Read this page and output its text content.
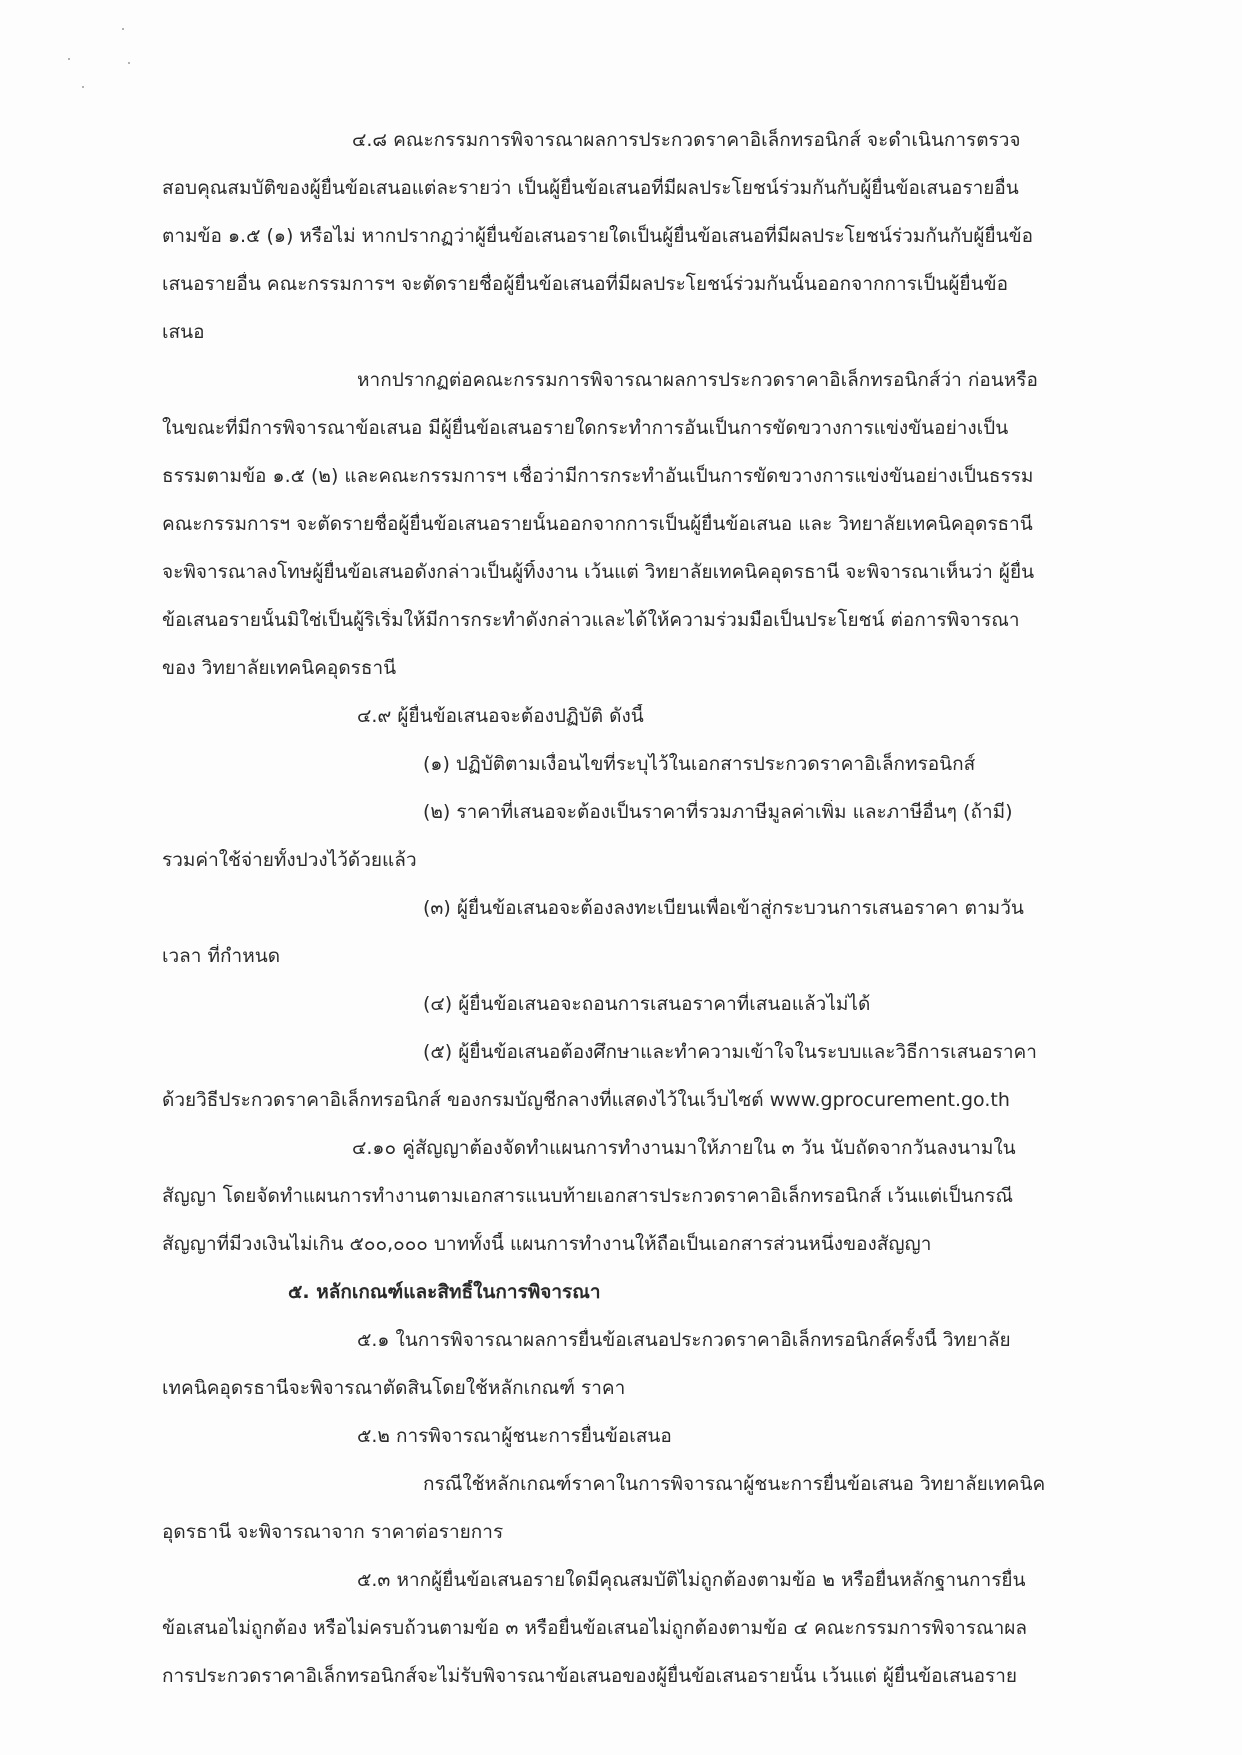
๔.๘ คณะกรรมการพิจารณาผลการประกวดราคาอิเล็กทรอนิกส์ จะดำเนินการตรวจ
สอบคุณสมบัติของผู้ยื่นข้อเสนอแต่ละรายว่า เป็นผู้ยื่นข้อเสนอที่มีผลประโยชน์ร่วมกันกับผู้ยื่นข้อเสนอรายอื่น
ตามข้อ ๑.๕ (๑) หรือไม่ หากปรากฏว่าผู้ยื่นข้อเสนอรายใดเป็นผู้ยื่นข้อเสนอที่มีผลประโยชน์ร่วมกันกับผู้ยื่นข้อ
เสนอรายอื่น คณะกรรมการฯ จะตัดรายชื่อผู้ยื่นข้อเสนอที่มีผลประโยชน์ร่วมกันนั้นออกจากการเป็นผู้ยื่นข้อ
เสนอ
หากปรากฏต่อคณะกรรมการพิจารณาผลการประกวดราคาอิเล็กทรอนิกส์ว่า ก่อนหรือ
ในขณะที่มีการพิจารณาข้อเสนอ มีผู้ยื่นข้อเสนอรายใดกระทำการอันเป็นการขัดขวางการแข่งขันอย่างเป็น
ธรรมตามข้อ ๑.๕ (๒) และคณะกรรมการฯ เชื่อว่ามีการกระทำอันเป็นการขัดขวางการแข่งขันอย่างเป็นธรรม
คณะกรรมการฯ จะตัดรายชื่อผู้ยื่นข้อเสนอรายนั้นออกจากการเป็นผู้ยื่นข้อเสนอ และ วิทยาลัยเทคนิคอุดรธานี
จะพิจารณาลงโทษผู้ยื่นข้อเสนอดังกล่าวเป็นผู้ทิ้งงาน เว้นแต่ วิทยาลัยเทคนิคอุดรธานี จะพิจารณาเห็นว่า ผู้ยื่น
ข้อเสนอรายนั้นมิใช่เป็นผู้ริเริ่มให้มีการกระทำดังกล่าวและได้ให้ความร่วมมือเป็นประโยชน์ ต่อการพิจารณา
ของ วิทยาลัยเทคนิคอุดรธานี
๔.๙ ผู้ยื่นข้อเสนอจะต้องปฏิบัติ ดังนี้
(๑) ปฏิบัติตามเงื่อนไขที่ระบุไว้ในเอกสารประกวดราคาอิเล็กทรอนิกส์
(๒) ราคาที่เสนอจะต้องเป็นราคาที่รวมภาษีมูลค่าเพิ่ม และภาษีอื่นๆ (ถ้ามี)
รวมค่าใช้จ่ายทั้งปวงไว้ด้วยแล้ว
(๓) ผู้ยื่นข้อเสนอจะต้องลงทะเบียนเพื่อเข้าสู่กระบวนการเสนอราคา ตามวัน
เวลา ที่กำหนด
(๔) ผู้ยื่นข้อเสนอจะถอนการเสนอราคาที่เสนอแล้วไม่ได้
(๕) ผู้ยื่นข้อเสนอต้องศึกษาและทำความเข้าใจในระบบและวิธีการเสนอราคา
ด้วยวิธีประกวดราคาอิเล็กทรอนิกส์ ของกรมบัญชีกลางที่แสดงไว้ในเว็บไซต์ www.gprocurement.go.th
๔.๑๐ คู่สัญญาต้องจัดทำแผนการทำงานมาให้ภายใน ๓ วัน นับถัดจากวันลงนามใน
สัญญา โดยจัดทำแผนการทำงานตามเอกสารแนบท้ายเอกสารประกวดราคาอิเล็กทรอนิกส์ เว้นแต่เป็นกรณี
สัญญาที่มีวงเงินไม่เกิน ๕๐๐,๐๐๐ บาททั้งนี้ แผนการทำงานให้ถือเป็นเอกสารส่วนหนึ่งของสัญญา
๕. หลักเกณฑ์และสิทธิ์ในการพิจารณา
๕.๑ ในการพิจารณาผลการยื่นข้อเสนอประกวดราคาอิเล็กทรอนิกส์ครั้งนี้ วิทยาลัย
เทคนิคอุดรธานีจะพิจารณาตัดสินโดยใช้หลักเกณฑ์ ราคา
๕.๒ การพิจารณาผู้ชนะการยื่นข้อเสนอ
กรณีใช้หลักเกณฑ์ราคาในการพิจารณาผู้ชนะการยื่นข้อเสนอ วิทยาลัยเทคนิค
อุดรธานี จะพิจารณาจาก ราคาต่อรายการ
๕.๓ หากผู้ยื่นข้อเสนอรายใดมีคุณสมบัติไม่ถูกต้องตามข้อ ๒ หรือยื่นหลักฐานการยื่น
ข้อเสนอไม่ถูกต้อง หรือไม่ครบถ้วนตามข้อ ๓ หรือยื่นข้อเสนอไม่ถูกต้องตามข้อ ๔ คณะกรรมการพิจารณาผล
การประกวดราคาอิเล็กทรอนิกส์จะไม่รับพิจารณาข้อเสนอของผู้ยื่นข้อเสนอรายนั้น เว้นแต่ ผู้ยื่นข้อเสนอราย
